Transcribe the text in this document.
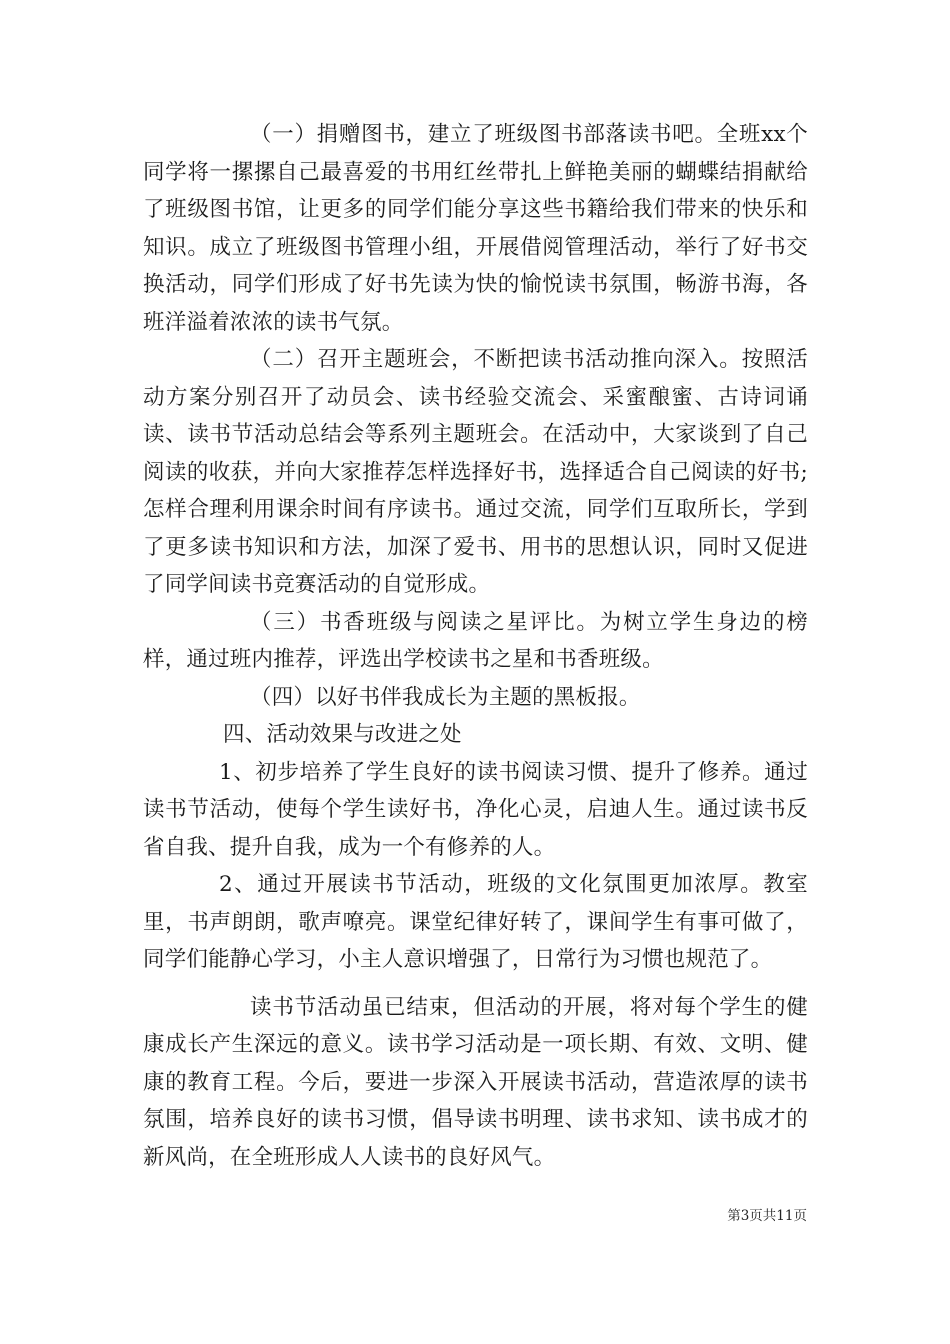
（一）捐赠图书，建立了班级图书部落读书吧。全班xx个同学将一摞摞自己最喜爱的书用红丝带扎上鲜艳美丽的蝴蝶结捐献给了班级图书馆，让更多的同学们能分享这些书籍给我们带来的快乐和知识。成立了班级图书管理小组，开展借阅管理活动，举行了好书交换活动，同学们形成了好书先读为快的愉悦读书氛围，畅游书海，各班洋溢着浓浓的读书气氛。

（二）召开主题班会，不断把读书活动推向深入。按照活动方案分别召开了动员会、读书经验交流会、采蜜酿蜜、古诗词诵读、读书节活动总结会等系列主题班会。在活动中，大家谈到了自己阅读的收获，并向大家推荐怎样选择好书，选择适合自己阅读的好书;怎样合理利用课余时间有序读书。通过交流，同学们互取所长，学到了更多读书知识和方法，加深了爱书、用书的思想认识，同时又促进了同学间读书竞赛活动的自觉形成。

（三）书香班级与阅读之星评比。为树立学生身边的榜样，通过班内推荐，评选出学校读书之星和书香班级。

（四）以好书伴我成长为主题的黑板报。

四、活动效果与改进之处

1、初步培养了学生良好的读书阅读习惯、提升了修养。通过读书节活动，使每个学生读好书，净化心灵，启迪人生。通过读书反省自我、提升自我，成为一个有修养的人。

2、通过开展读书节活动，班级的文化氛围更加浓厚。教室里，书声朗朗，歌声嘹亮。课堂纪律好转了，课间学生有事可做了，同学们能静心学习，小主人意识增强了，日常行为习惯也规范了。

读书节活动虽已结束，但活动的开展，将对每个学生的健康成长产生深远的意义。读书学习活动是一项长期、有效、文明、健康的教育工程。今后，要进一步深入开展读书活动，营造浓厚的读书氛围，培养良好的读书习惯，倡导读书明理、读书求知、读书成才的新风尚，在全班形成人人读书的良好风气。

第3页共11页
